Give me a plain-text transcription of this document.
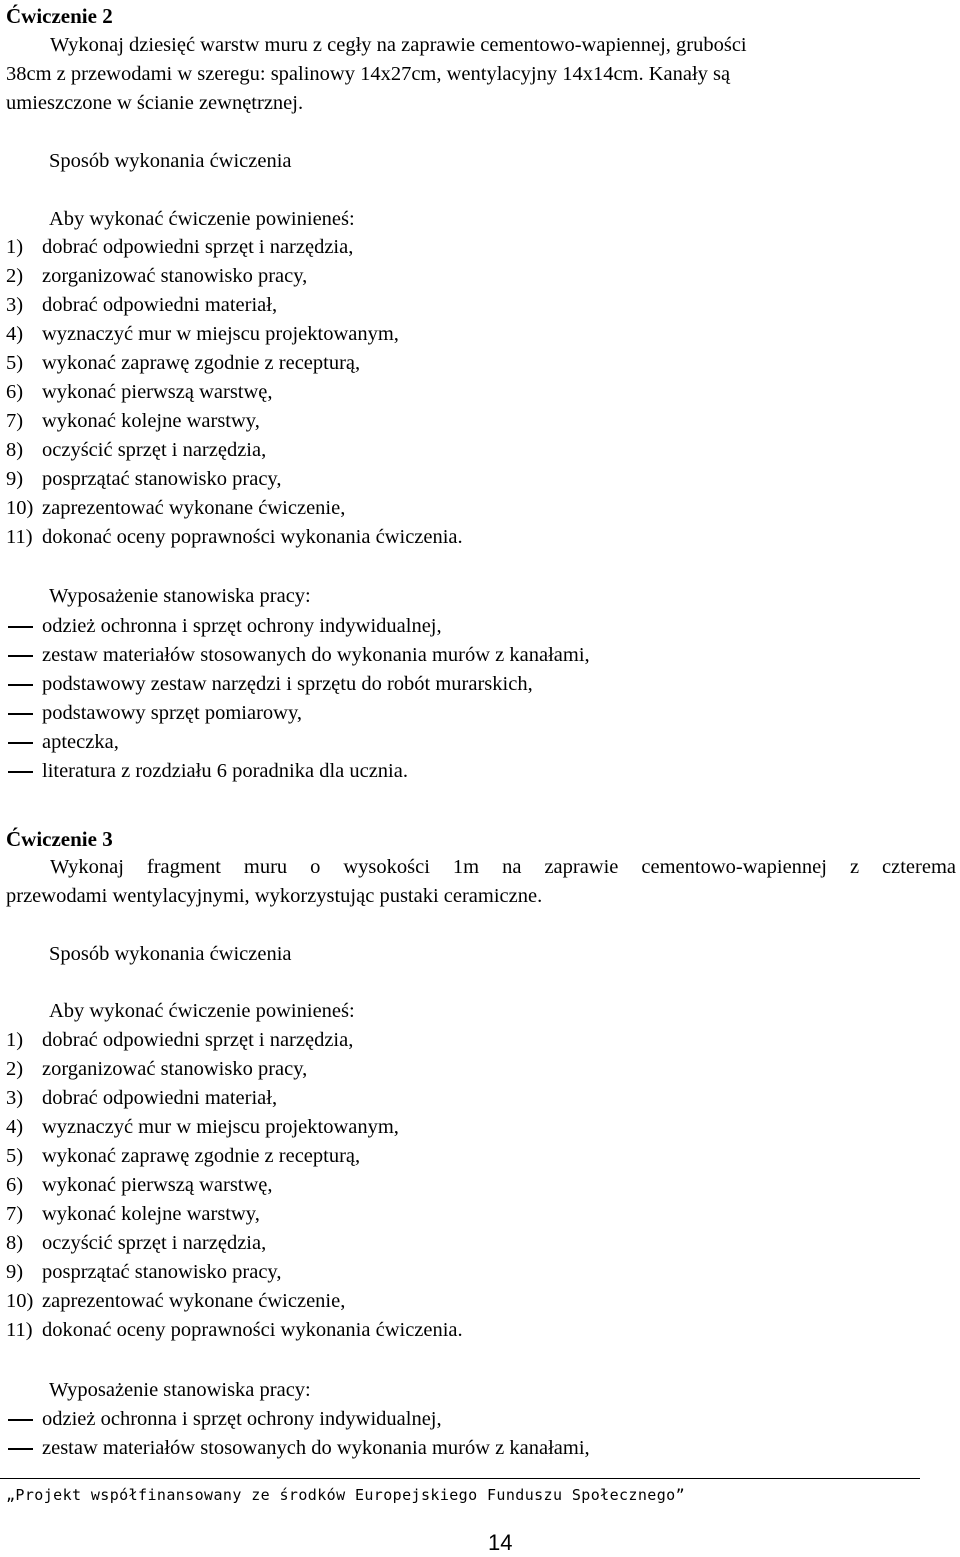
Ćwiczenie 2
Wykonaj dziesięć warstw muru z cegły na zaprawie cementowo-wapiennej, grubości
38cm z przewodami w szeregu: spalinowy 14x27cm, wentylacyjny 14x14cm. Kanały są
umieszczone w ścianie zewnętrznej.
Sposób wykonania ćwiczenia
Aby wykonać ćwiczenie powinieneś:
1) dobrać odpowiedni sprzęt i narzędzia,
2) zorganizować stanowisko pracy,
3) dobrać odpowiedni materiał,
4) wyznaczyć mur w miejscu projektowanym,
5) wykonać zaprawę zgodnie z recepturą,
6) wykonać pierwszą warstwę,
7) wykonać kolejne warstwy,
8) oczyścić sprzęt i narzędzia,
9) posprzątać stanowisko pracy,
10) zaprezentować wykonane ćwiczenie,
11) dokonać oceny poprawności wykonania ćwiczenia.
Wyposażenie stanowiska pracy:
odzież ochronna i sprzęt ochrony indywidualnej,
zestaw materiałów stosowanych do wykonania murów z kanałami,
podstawowy zestaw narzędzi i sprzętu do robót murarskich,
podstawowy sprzęt pomiarowy,
apteczka,
literatura z rozdziału 6 poradnika dla ucznia.
Ćwiczenie 3
Wykonaj fragment muru o wysokości 1m na zaprawie cementowo-wapiennej z czterema
przewodami wentylacyjnymi, wykorzystując pustaki ceramiczne.
Sposób wykonania ćwiczenia
Aby wykonać ćwiczenie powinieneś:
1) dobrać odpowiedni sprzęt i narzędzia,
2) zorganizować stanowisko pracy,
3) dobrać odpowiedni materiał,
4) wyznaczyć mur w miejscu projektowanym,
5) wykonać zaprawę zgodnie z recepturą,
6) wykonać pierwszą warstwę,
7) wykonać kolejne warstwy,
8) oczyścić sprzęt i narzędzia,
9) posprzątać stanowisko pracy,
10) zaprezentować wykonane ćwiczenie,
11) dokonać oceny poprawności wykonania ćwiczenia.
Wyposażenie stanowiska pracy:
odzież ochronna i sprzęt ochrony indywidualnej,
zestaw materiałów stosowanych do wykonania murów z kanałami,
„Projekt współfinansowany ze środków Europejskiego Funduszu Społecznego”
14
